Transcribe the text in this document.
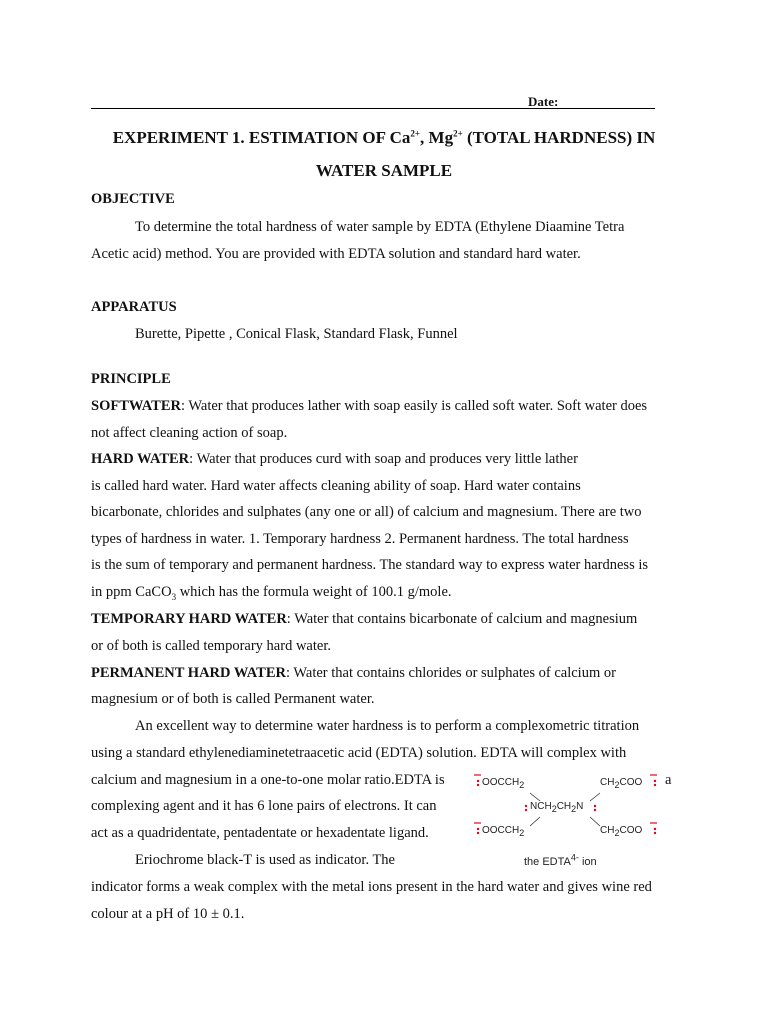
Date:
EXPERIMENT 1. ESTIMATION OF $Ca^{2+}$, $Mg^{2+}$ (TOTAL HARDNESS) IN
WATER SAMPLE
OBJECTIVE
To determine the total hardness of water sample by EDTA (Ethylene Diaamine Tetra
Acetic acid) method. You are provided with EDTA solution and standard hard water.
APPARATUS
Burette, Pipette , Conical Flask, Standard Flask, Funnel
PRINCIPLE
SOFTWATER: Water that produces lather with soap easily is called soft water. Soft water does
not affect cleaning action of soap.
HARD WATER: Water that produces curd with soap and produces very little lather
is called hard water. Hard water affects cleaning ability of soap. Hard water contains
bicarbonate, chlorides and sulphates (any one or all) of calcium and magnesium. There are two
types of hardness in water. 1. Temporary hardness 2. Permanent hardness. The total hardness
is the sum of temporary and permanent hardness. The standard way to express water hardness is
in ppm CaCO$_3$ which has the formula weight of 100.1 g/mole.
TEMPORARY HARD WATER: Water that contains bicarbonate of calcium and magnesium
or of both is called temporary hard water.
PERMANENT HARD WATER: Water that contains chlorides or sulphates of calcium or
magnesium or of both is called Permanent water.
An excellent way to determine water hardness is to perform a complexometric titration
using a standard ethylenediaminetetraacetic acid (EDTA) solution. EDTA will complex with
calcium and magnesium in a one-to-one molar ratio.EDTA is	a
complexing agent and it has 6 lone pairs of electrons. It can
act as a quadridentate, pentadentate or hexadentate ligand.
Eriochrome black-T is used as indicator. The
indicator forms a weak complex with the metal ions present in the hard water and gives wine red
colour at a pH of 10 ± 0.1.
$OOCCH_2$	$CH_2COO$
$NCH_2CH_2N$
$OOCCH_2$	$CH_2COO$
the $EDTA^{4-}$ ion
